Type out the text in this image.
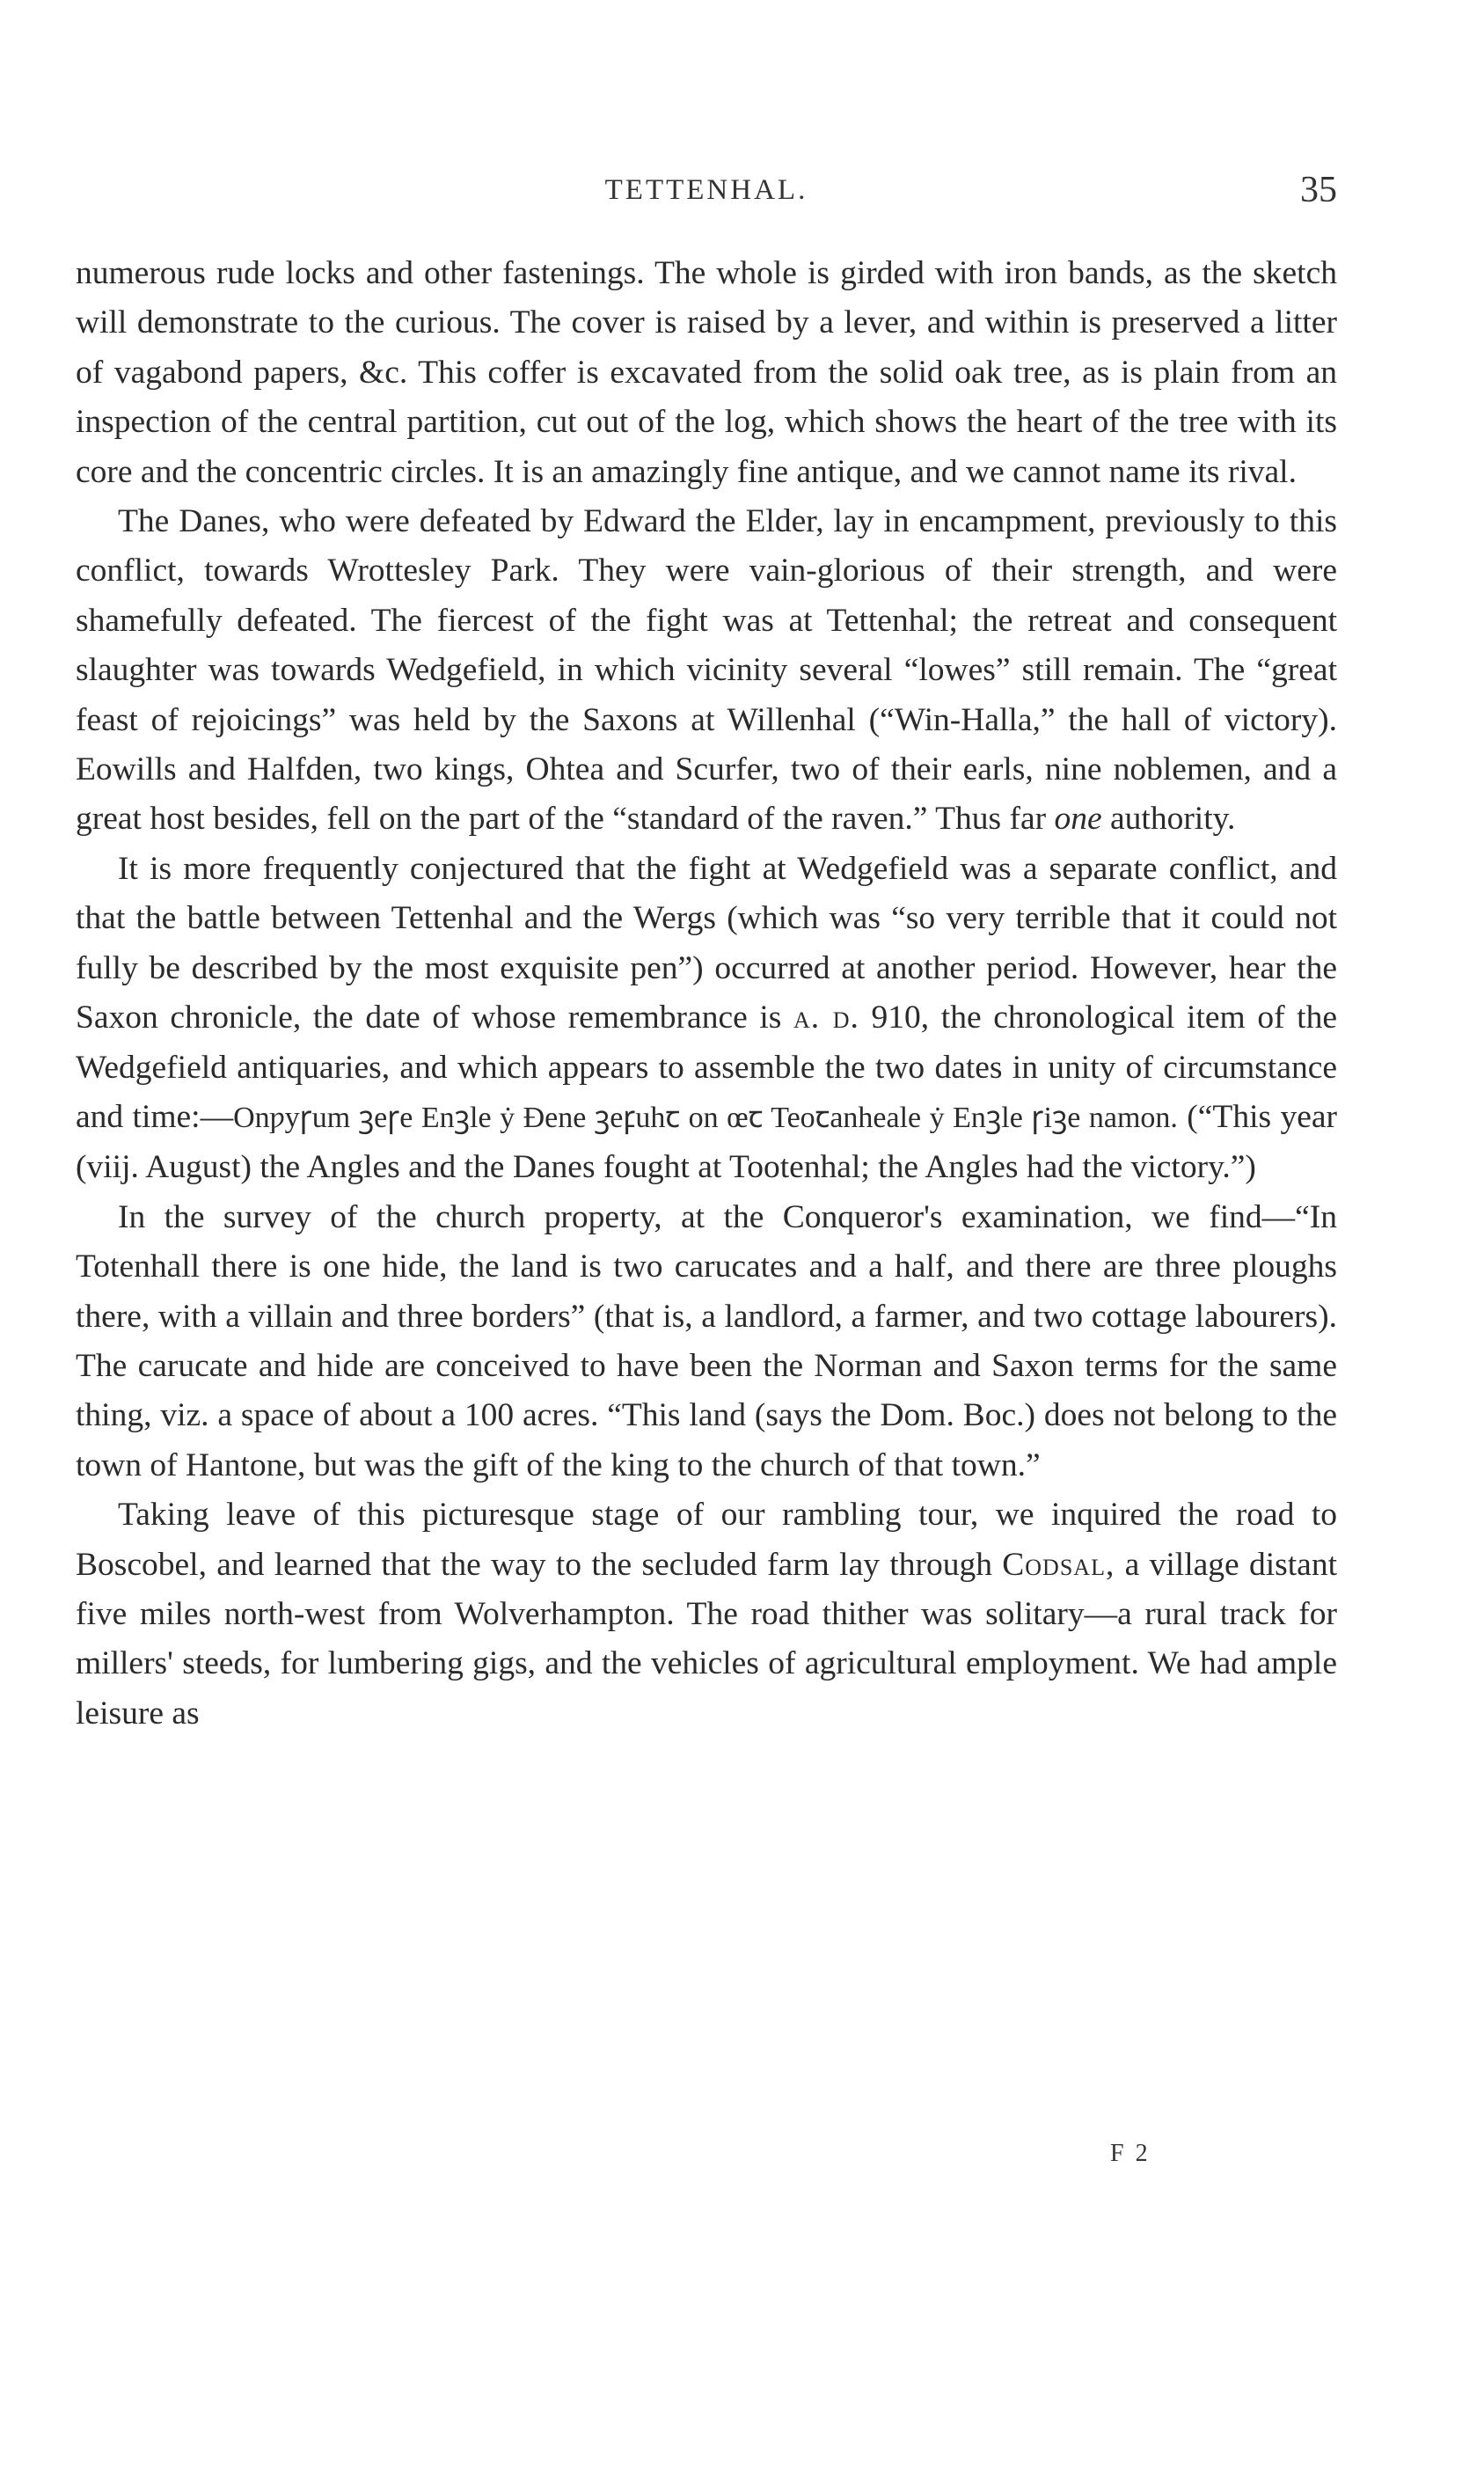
TETTENHAL.	35

numerous rude locks and other fastenings. The whole is girded with iron bands, as the sketch will demonstrate to the curious. The cover is raised by a lever, and within is preserved a litter of vagabond papers, &c. This coffer is excavated from the solid oak tree, as is plain from an inspection of the central partition, cut out of the log, which shows the heart of the tree with its core and the concentric circles. It is an amazingly fine antique, and we cannot name its rival.

The Danes, who were defeated by Edward the Elder, lay in encampment, previously to this conflict, towards Wrottesley Park. They were vain-glorious of their strength, and were shamefully defeated. The fiercest of the fight was at Tettenhal; the retreat and consequent slaughter was towards Wedgefield, in which vicinity several “lowes” still remain. The “great feast of rejoicings” was held by the Saxons at Willenhal (“Win-Halla,” the hall of victory). Eowills and Halfden, two kings, Ohtea and Scurfer, two of their earls, nine noblemen, and a great host besides, fell on the part of the “standard of the raven.” Thus far one authority.

It is more frequently conjectured that the fight at Wedgefield was a separate conflict, and that the battle between Tettenhal and the Wergs (which was “so very terrible that it could not fully be described by the most exquisite pen”) occurred at another period. However, hear the Saxon chronicle, the date of whose remembrance is a. d. 910, the chronological item of the Wedgefield antiquaries, and which appears to assemble the two dates in unity of circumstance and time:—Onƿyꞅum ꝫeꞅe Enꝫle ẏ Ðene ꝫeꝼuhꞇ on œꞇ Teoꞇanheale ẏ Enꝫle ꞅiꝫe namon. (“This year (viij. August) the Angles and the Danes fought at Tootenhal; the Angles had the victory.”)

In the survey of the church property, at the Conqueror's examination, we find—“In Totenhall there is one hide, the land is two carucates and a half, and there are three ploughs there, with a villain and three borders” (that is, a landlord, a farmer, and two cottage labourers). The carucate and hide are conceived to have been the Norman and Saxon terms for the same thing, viz. a space of about a 100 acres. “This land (says the Dom. Boc.) does not belong to the town of Hantone, but was the gift of the king to the church of that town.”

Taking leave of this picturesque stage of our rambling tour, we inquired the road to Boscobel, and learned that the way to the secluded farm lay through Codsal, a village distant five miles north-west from Wolverhampton. The road thither was solitary—a rural track for millers' steeds, for lumbering gigs, and the vehicles of agricultural employment. We had ample leisure as

F 2
